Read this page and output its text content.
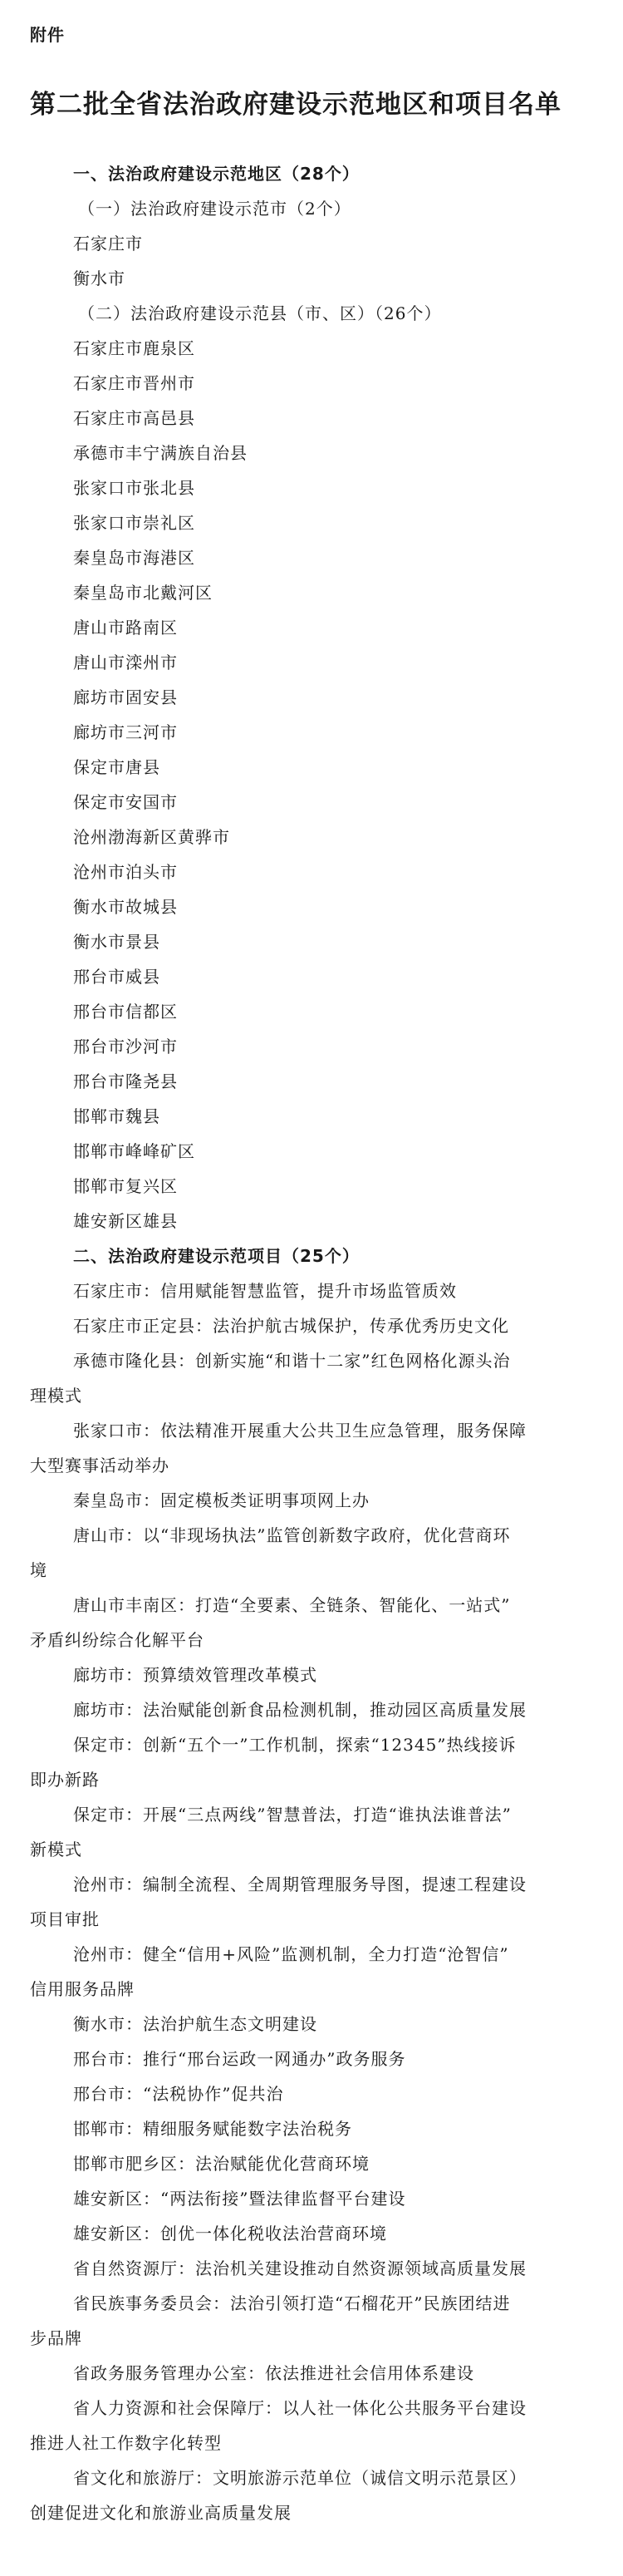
附件
第二批全省法治政府建设示范地区和项目名单
一、法治政府建设示范地区（28个）
（一）法治政府建设示范市（2个）
石家庄市
衡水市
（二）法治政府建设示范县（市、区）（26个）
石家庄市鹿泉区
石家庄市晋州市
石家庄市高邑县
承德市丰宁满族自治县
张家口市张北县
张家口市崇礼区
秦皇岛市海港区
秦皇岛市北戴河区
唐山市路南区
唐山市滦州市
廊坊市固安县
廊坊市三河市
保定市唐县
保定市安国市
沧州渤海新区黄骅市
沧州市泊头市
衡水市故城县
衡水市景县
邢台市威县
邢台市信都区
邢台市沙河市
邢台市隆尧县
邯郸市魏县
邯郸市峰峰矿区
邯郸市复兴区
雄安新区雄县
二、法治政府建设示范项目（25个）
石家庄市：信用赋能智慧监管，提升市场监管质效
石家庄市正定县：法治护航古城保护，传承优秀历史文化
承德市隆化县：创新实施“和谐十二家”红色网格化源头治
理模式
张家口市：依法精准开展重大公共卫生应急管理，服务保障
大型赛事活动举办
秦皇岛市：固定模板类证明事项网上办
唐山市：以“非现场执法”监管创新数字政府，优化营商环
境
唐山市丰南区：打造“全要素、全链条、智能化、一站式”
矛盾纠纷综合化解平台
廊坊市：预算绩效管理改革模式
廊坊市：法治赋能创新食品检测机制，推动园区高质量发展
保定市：创新“五个一”工作机制，探索“12345”热线接诉
即办新路
保定市：开展“三点两线”智慧普法，打造“谁执法谁普法”
新模式
沧州市：编制全流程、全周期管理服务导图，提速工程建设
项目审批
沧州市：健全“信用+风险”监测机制，全力打造“沧智信”
信用服务品牌
衡水市：法治护航生态文明建设
邢台市：推行“邢台运政一网通办”政务服务
邢台市：“法税协作”促共治
邯郸市：精细服务赋能数字法治税务
邯郸市肥乡区：法治赋能优化营商环境
雄安新区：“两法衔接”暨法律监督平台建设
雄安新区：创优一体化税收法治营商环境
省自然资源厅：法治机关建设推动自然资源领域高质量发展
省民族事务委员会：法治引领打造“石榴花开”民族团结进
步品牌
省政务服务管理办公室：依法推进社会信用体系建设
省人力资源和社会保障厅：以人社一体化公共服务平台建设
推进人社工作数字化转型
省文化和旅游厅：文明旅游示范单位（诚信文明示范景区）
创建促进文化和旅游业高质量发展
